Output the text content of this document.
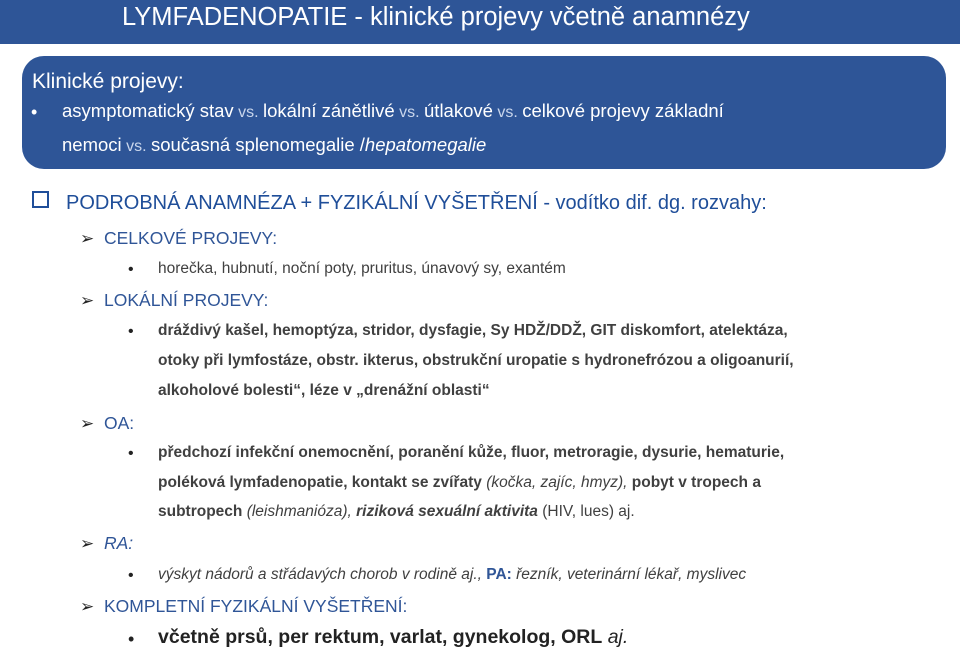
LYMFADENOPATIE - klinické projevy včetně anamnézy
Klinické projevy:
• asymptomatický stav vs. lokální zánětlivé vs. útlakové vs. celkové projevy základní
nemoci vs. současná splenomegalie /hepatomegalie
PODROBNÁ ANAMNÉZA + FYZIKÁLNÍ VYŠETŘENÍ - vodítko dif. dg. rozvahy:
➢ CELKOVÉ PROJEVY:
• horečka, hubnutí, noční poty, pruritus, únavový sy, exantém
➢ LOKÁLNÍ PROJEVY:
• dráždivý kašel, hemoptýza, stridor, dysfagie, Sy HDŽ/DDŽ, GIT diskomfort, atelektáza,
otoky při lymfostáze, obstr. ikterus, obstrukční uropatie s hydronefrózou a oligoanurií,
alkoholové bolesti“, léze v „drenážní oblasti“
➢ OA:
• předchozí infekční onemocnění, poranění kůže, fluor, metroragie, dysurie, hematurie,
poléková lymfadenopatie, kontakt se zvířaty (kočka, zajíc, hmyz), pobyt v tropech a
subtropech (leishmanióza), riziková sexuální aktivita (HIV, lues) aj.
➢ RA:
• výskyt nádorů a střádavých chorob v rodině aj., PA: řezník, veterinární lékař, myslivec
➢ KOMPLETNÍ FYZIKÁLNÍ VYŠETŘENÍ:
• včetně prsů, per rektum, varlat, gynekolog, ORL aj.
